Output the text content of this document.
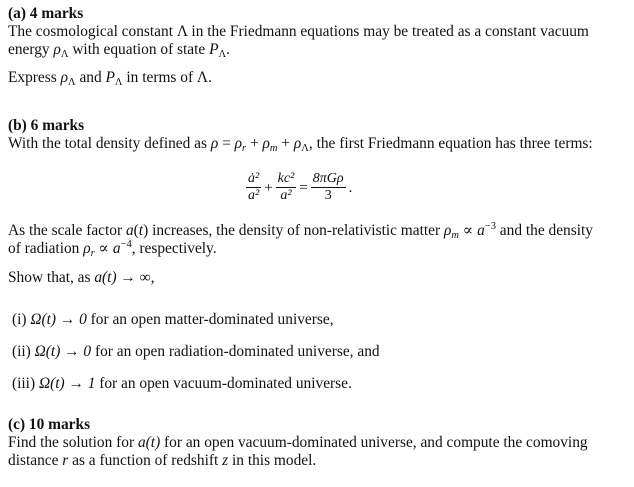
(a) 4 marks
The cosmological constant Λ in the Friedmann equations may be treated as a constant vacuum
energy $\rho_\Lambda$ with equation of state $P_\Lambda$.
Express $\rho_\Lambda$ and $P_\Lambda$ in terms of Λ.
(b) 6 marks
With the total density defined as $\rho = \rho_r + \rho_m + \rho_\Lambda$, the first Friedmann equation has three terms:
$\frac{\text{ȧ²}}{\text{a²}} + \frac{\text{kc²}}{\text{a²}} = \frac{\text{8πGρ}}{3}$ .
As the scale factor a(t) increases, the density of non-relativistic matter $\rho_m \propto a^{-3}$ and the density
of radiation $\rho_r \propto a^{-4}$, respectively.
Show that, as a(t) → ∞,
(i) Ω(t) → 0 for an open matter-dominated universe,
(ii) Ω(t) → 0 for an open radiation-dominated universe, and
(iii) Ω(t) → 1 for an open vacuum-dominated universe.
(c) 10 marks
Find the solution for a(t) for an open vacuum-dominated universe, and compute the comoving
distance r as a function of redshift z in this model.
